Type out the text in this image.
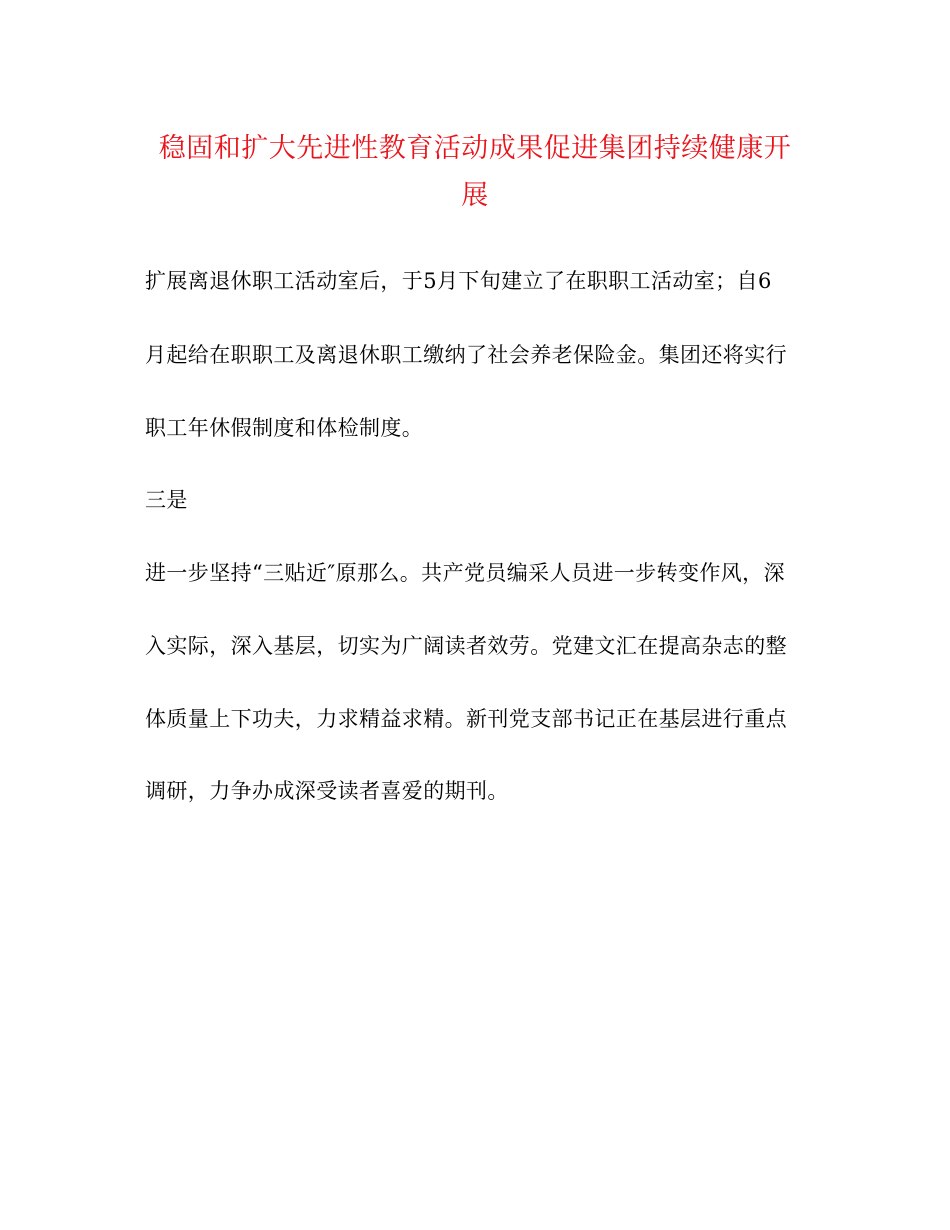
稳固和扩大先进性教育活动成果促进集团持续健康开
展
扩展离退休职工活动室后，于5月下旬建立了在职职工活动室；自6
月起给在职职工及离退休职工缴纳了社会养老保险金。集团还将实行
职工年休假制度和体检制度。
三是
进一步坚持“三贴近″原那么。共产党员编采人员进一步转变作风，深
入实际，深入基层，切实为广阔读者效劳。党建文汇在提高杂志的整
体质量上下功夫，力求精益求精。新刊党支部书记正在基层进行重点
调研，力争办成深受读者喜爱的期刊。
